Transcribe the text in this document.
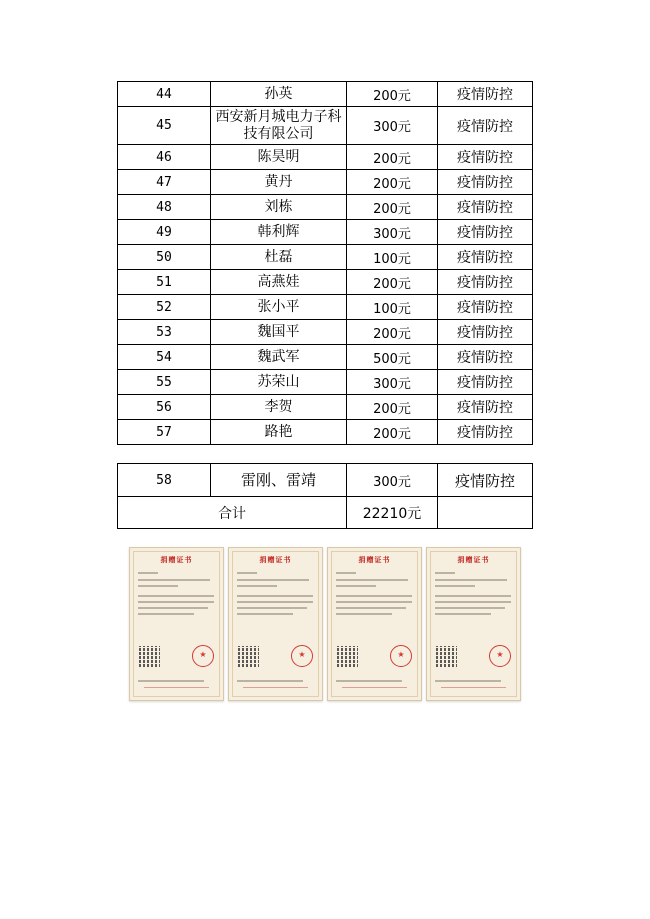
44	孙英	200元	疫情防控
45	西安新月城电力子科技有限公司	300元	疫情防控
46	陈昊明	200元	疫情防控
47	黄丹	200元	疫情防控
48	刘栋	200元	疫情防控
49	韩利辉	300元	疫情防控
50	杜磊	100元	疫情防控
51	高燕娃	200元	疫情防控
52	张小平	100元	疫情防控
53	魏国平	200元	疫情防控
54	魏武军	500元	疫情防控
55	苏荣山	300元	疫情防控
56	李贺	200元	疫情防控
57	路艳	200元	疫情防控
58	雷刚、雷靖	300元	疫情防控
合计		22210元	
捐赠证书
★	捐赠证书
★	捐赠证书
★	捐赠证书
★
